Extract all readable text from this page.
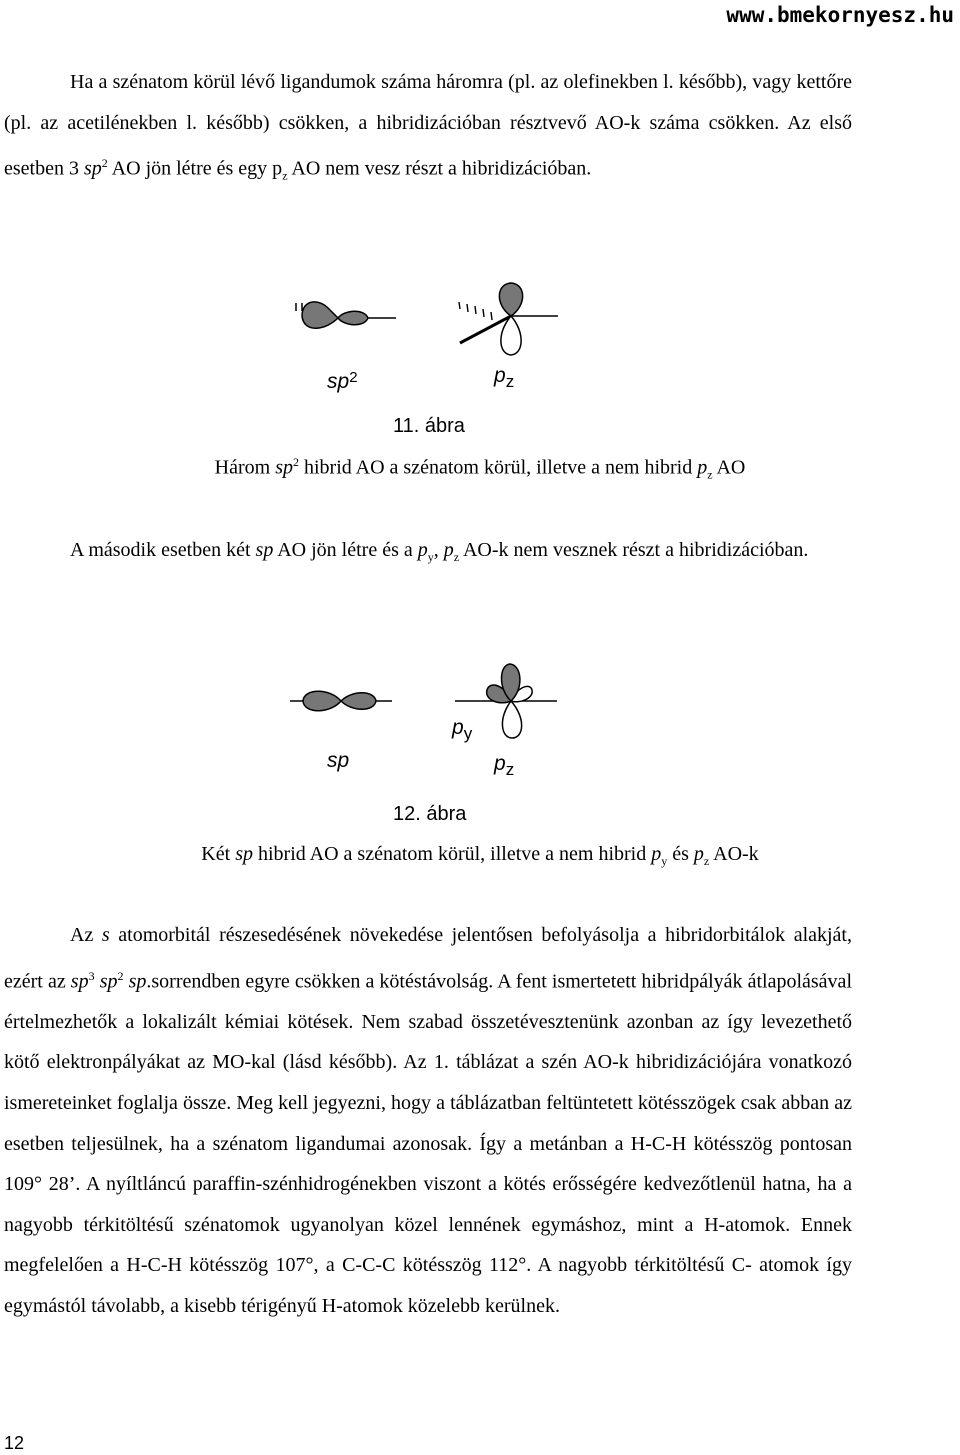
www.bmekornyesz.hu

Ha a szénatom körül lévő ligandumok száma háromra (pl. az olefinekben l. később), vagy kettőre (pl. az acetilénekben l. később) csökken, a hibridizációban résztvevő AO-k száma csökken. Az első esetben 3 $sp^2$ AO jön létre és egy $p_z$ AO nem vesz részt a hibridizációban.

$sp^2$	$p_z$
11. ábra

Három $sp^2$ hibrid AO a szénatom körül, illetve a nem hibrid $p_z$ AO

A második esetben két sp AO jön létre és a $p_y$, $p_z$ AO-k nem vesznek részt a hibridizációban.

$p_y$
sp	$p_z$
12. ábra

Két sp hibrid AO a szénatom körül, illetve a nem hibrid $p_y$ és $p_z$ AO-k

Az s atomorbitál részesedésének növekedése jelentősen befolyásolja a hibridorbitálok alakját, ezért az $sp^3$ $sp^2$ sp.sorrendben egyre csökken a kötéstávolság. A fent ismertetett hibridpályák átlapolásával értelmezhetők a lokalizált kémiai kötések. Nem szabad összetévesztenünk azonban az így levezethető kötő elektronpályákat az MO-kal (lásd később). Az 1. táblázat a szén AO-k hibridizációjára vonatkozó ismereteinket foglalja össze. Meg kell jegyezni, hogy a táblázatban feltüntetett kötésszögek csak abban az esetben teljesülnek, ha a szénatom ligandumai azonosak. Így a metánban a H-C-H kötésszög pontosan 109° 28’. A nyíltláncú paraffin-szénhidrogénekben viszont a kötés erősségére kedvezőtlenül hatna, ha a nagyobb térkitöltésű szénatomok ugyanolyan közel lennének egymáshoz, mint a H-atomok. Ennek megfelelően a H-C-H kötésszög 107°, a C-C-C kötésszög 112°. A nagyobb térkitöltésű C- atomok így egymástól távolabb, a kisebb térigényű H-atomok közelebb kerülnek.

12
